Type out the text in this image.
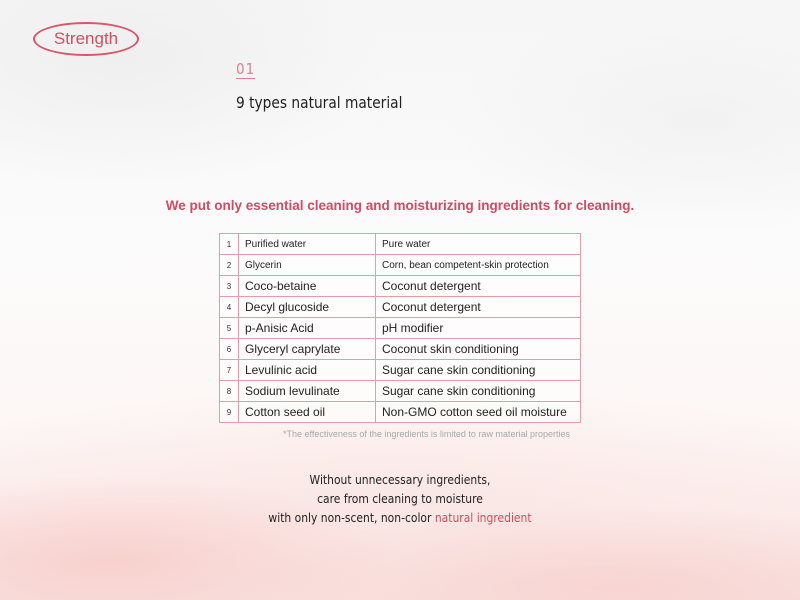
Strength
01
9 types natural material
We put only essential cleaning and moisturizing ingredients for cleaning.
1	Purified water	Pure water
2	Glycerin	Corn, bean competent-skin protection
3	Coco-betaine	Coconut detergent
4	Decyl glucoside	Coconut detergent
5	p-Anisic Acid	pH modifier
6	Glyceryl caprylate	Coconut skin conditioning
7	Levulinic acid	Sugar cane skin conditioning
8	Sodium levulinate	Sugar cane skin conditioning
9	Cotton seed oil	Non-GMO cotton seed oil moisture
*The effectiveness of the ingredients is limited to raw material properties
Without unnecessary ingredients,
care from cleaning to moisture
with only non-scent, non-color natural ingredient
